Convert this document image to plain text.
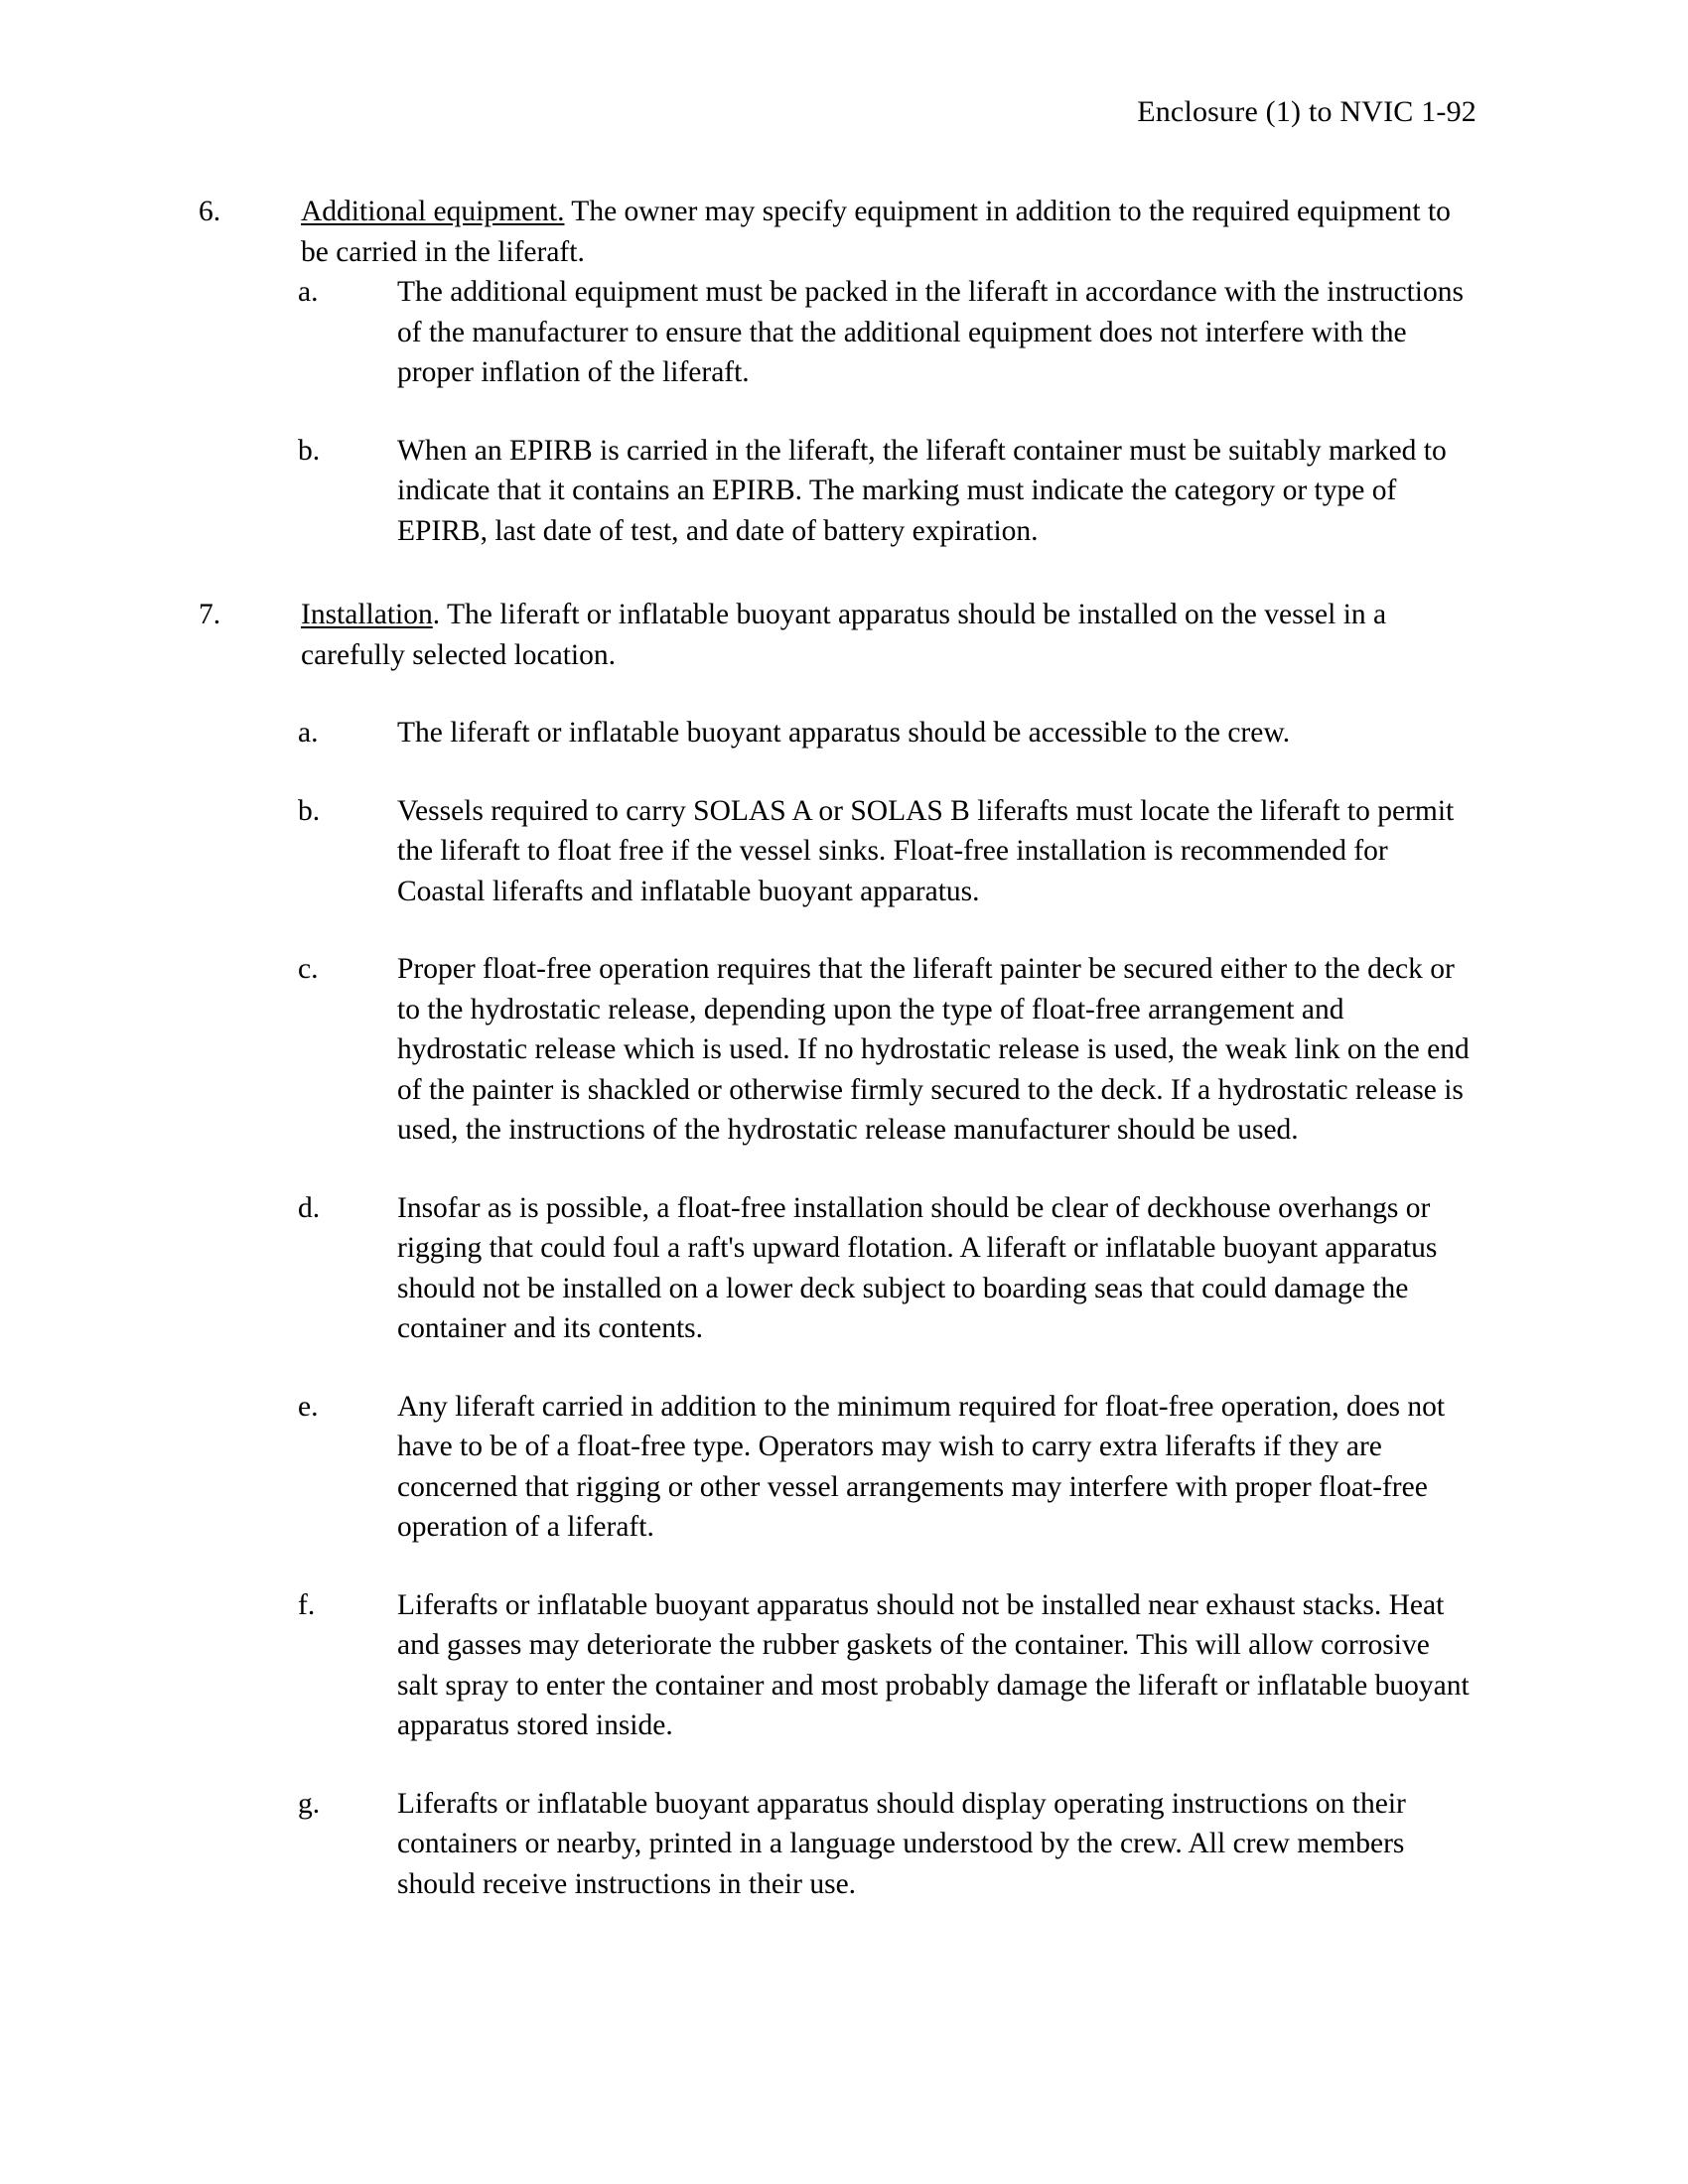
Enclosure (1) to NVIC 1-92
6.	Additional equipment. The owner may specify equipment in addition to the required equipment to be carried in the liferaft.
a.	The additional equipment must be packed in the liferaft in accordance with the instructions of the manufacturer to ensure that the additional equipment does not interfere with the proper inflation of the liferaft.
b.	When an EPIRB is carried in the liferaft, the liferaft container must be suitably marked to indicate that it contains an EPIRB. The marking must indicate the category or type of EPIRB, last date of test, and date of battery expiration.
7.	Installation. The liferaft or inflatable buoyant apparatus should be installed on the vessel in a carefully selected location.
a.	The liferaft or inflatable buoyant apparatus should be accessible to the crew.
b.	Vessels required to carry SOLAS A or SOLAS B liferafts must locate the liferaft to permit the liferaft to float free if the vessel sinks. Float-free installation is recommended for Coastal liferafts and inflatable buoyant apparatus.
c.	Proper float-free operation requires that the liferaft painter be secured either to the deck or to the hydrostatic release, depending upon the type of float-free arrangement and hydrostatic release which is used. If no hydrostatic release is used, the weak link on the end of the painter is shackled or otherwise firmly secured to the deck. If a hydrostatic release is used, the instructions of the hydrostatic release manufacturer should be used.
d.	Insofar as is possible, a float-free installation should be clear of deckhouse overhangs or rigging that could foul a raft's upward flotation. A liferaft or inflatable buoyant apparatus should not be installed on a lower deck subject to boarding seas that could damage the container and its contents.
e.	Any liferaft carried in addition to the minimum required for float-free operation, does not have to be of a float-free type. Operators may wish to carry extra liferafts if they are concerned that rigging or other vessel arrangements may interfere with proper float-free operation of a liferaft.
f.	Liferafts or inflatable buoyant apparatus should not be installed near exhaust stacks. Heat and gasses may deteriorate the rubber gaskets of the container. This will allow corrosive salt spray to enter the container and most probably damage the liferaft or inflatable buoyant apparatus stored inside.
g.	Liferafts or inflatable buoyant apparatus should display operating instructions on their containers or nearby, printed in a language understood by the crew. All crew members should receive instructions in their use.
